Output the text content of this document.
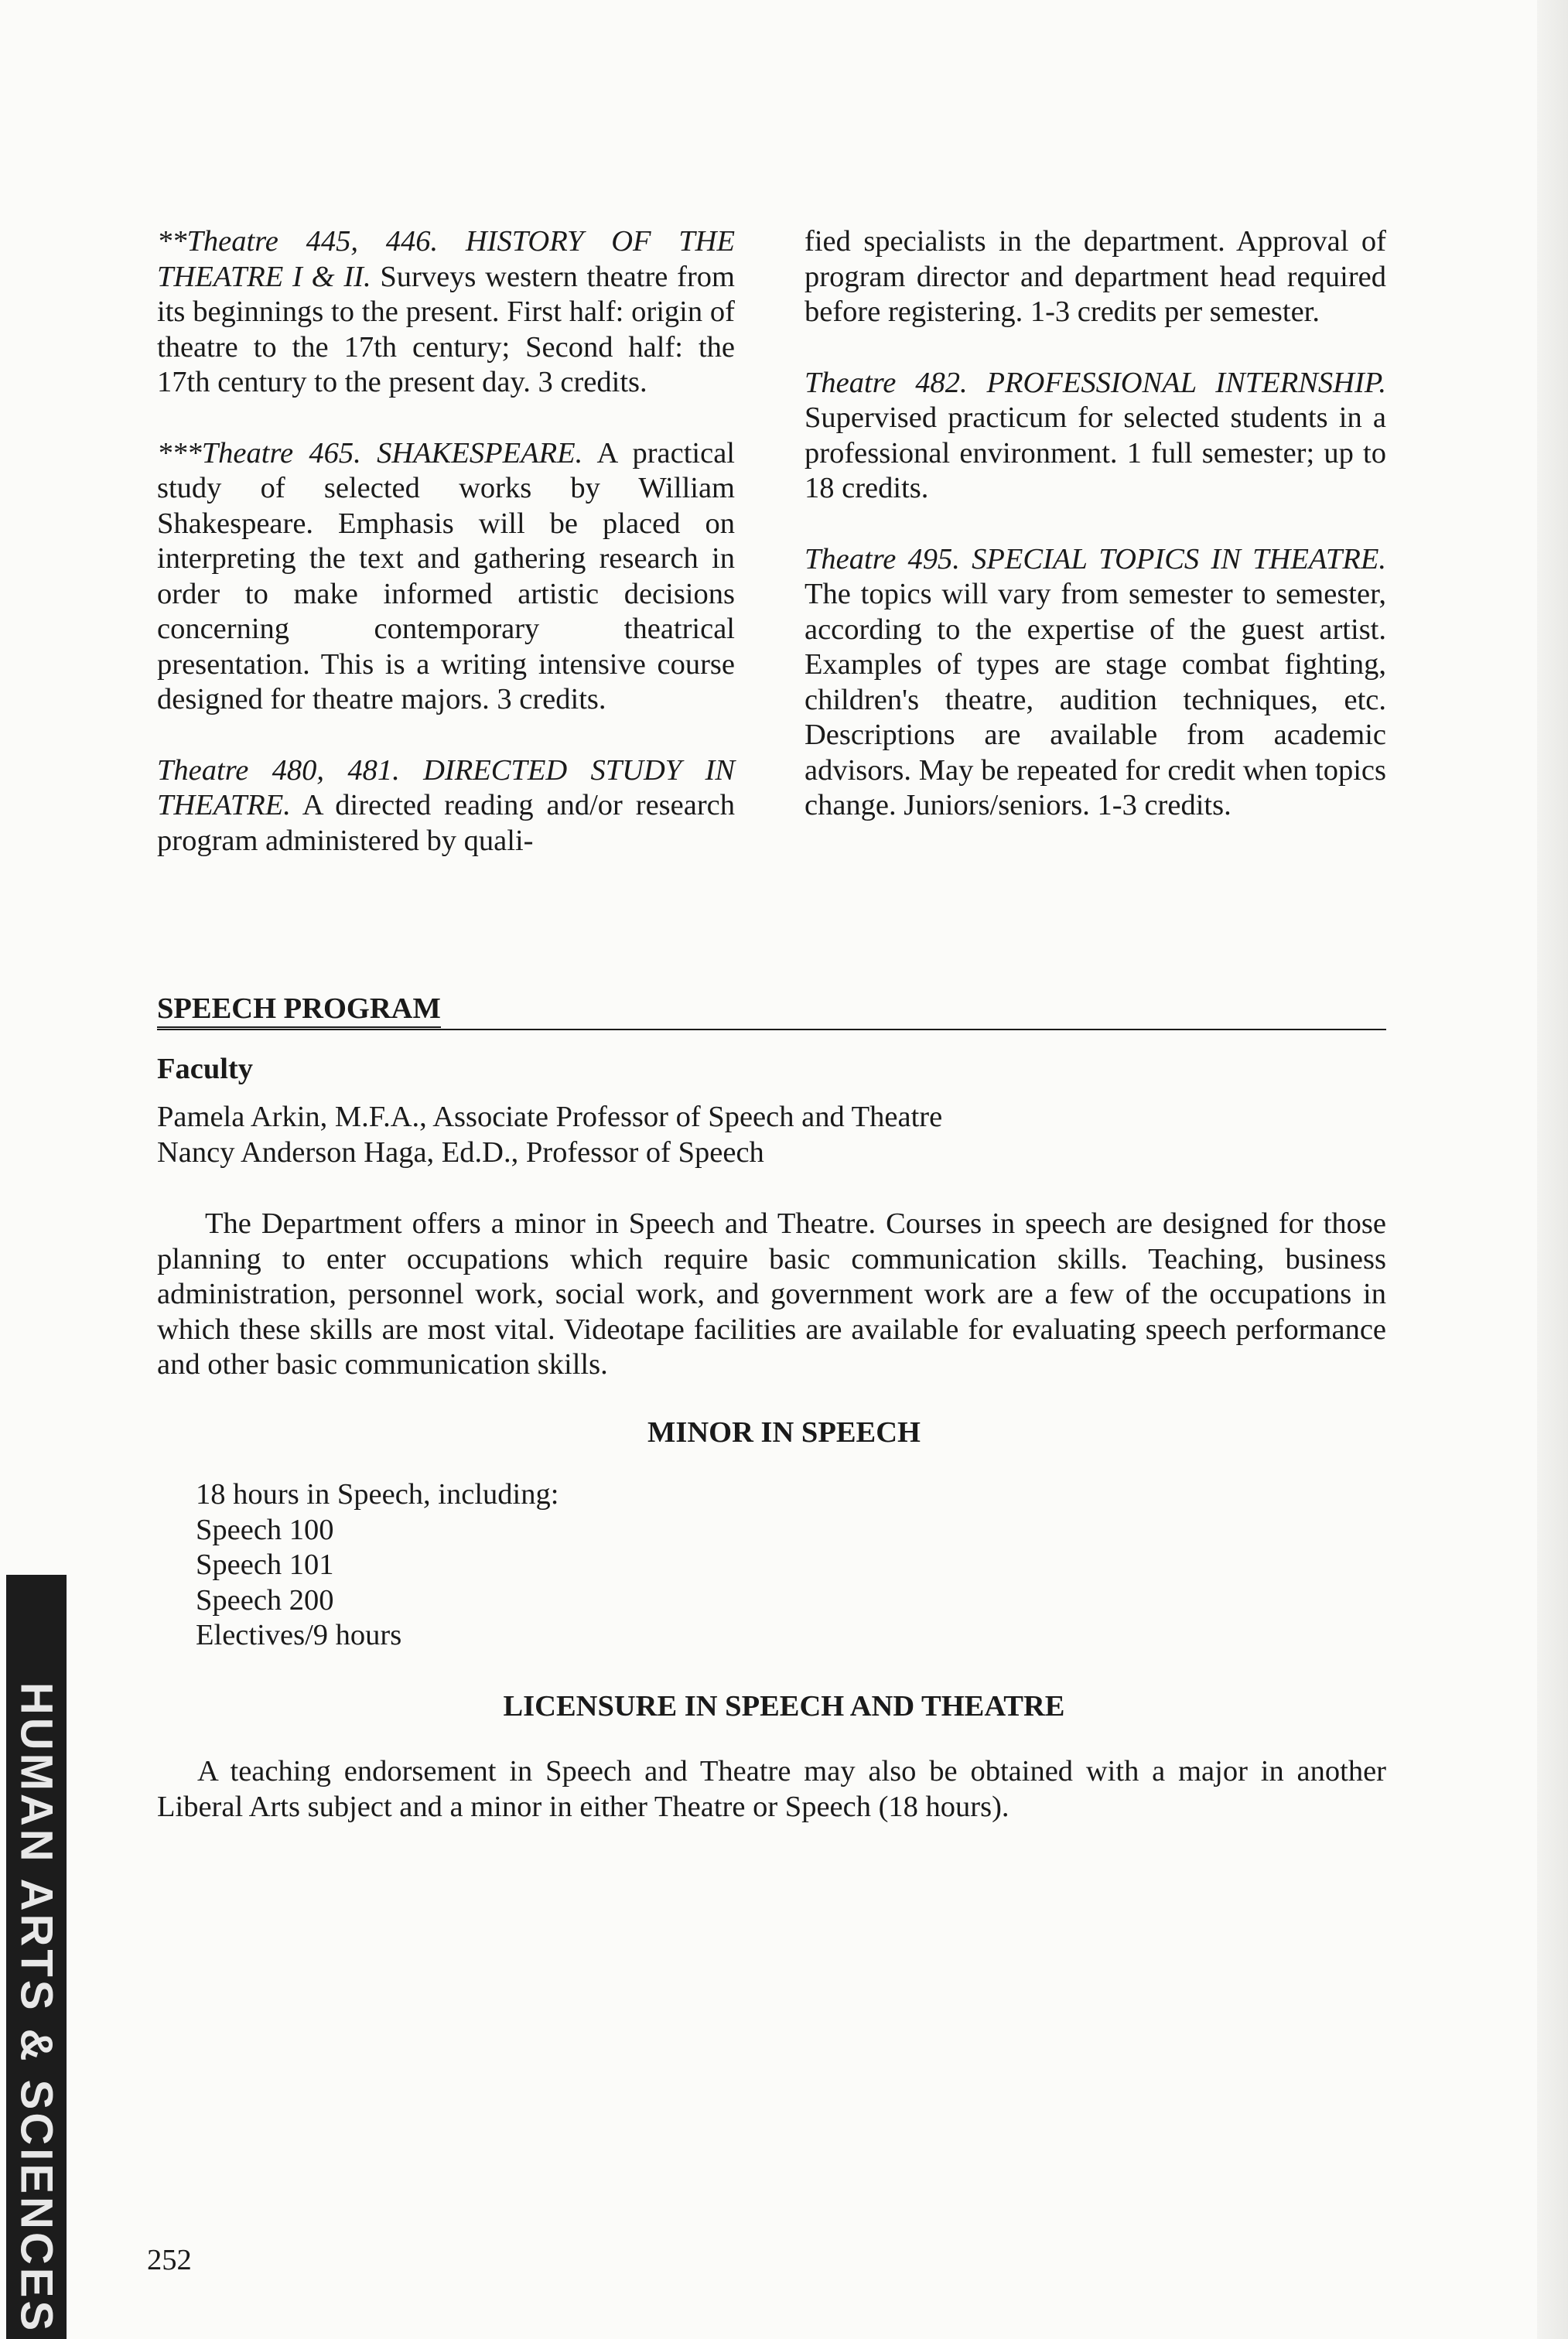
HUMAN ARTS & SCIENCES

**Theatre 445, 446. HISTORY OF THE THEATRE I & II. Surveys western theatre from its beginnings to the present. First half: origin of theatre to the 17th century; Second half: the 17th century to the present day. 3 credits.

***Theatre 465. SHAKESPEARE. A practical study of selected works by William Shakespeare. Emphasis will be placed on interpreting the text and gathering research in order to make informed artistic decisions concerning contemporary theatrical presentation. This is a writing intensive course designed for theatre majors. 3 credits.

Theatre 480, 481. DIRECTED STUDY IN THEATRE. A directed reading and/or research program administered by quali-

fied specialists in the department. Approval of program director and department head required before registering. 1-3 credits per semester.

Theatre 482. PROFESSIONAL INTERNSHIP. Supervised practicum for selected students in a professional environment. 1 full semester; up to 18 credits.

Theatre 495. SPECIAL TOPICS IN THEATRE. The topics will vary from semester to semester, according to the expertise of the guest artist. Examples of types are stage combat fighting, children's theatre, audition techniques, etc. Descriptions are available from academic advisors. May be repeated for credit when topics change. Juniors/seniors. 1-3 credits.

SPEECH PROGRAM
Faculty
Pamela Arkin, M.F.A., Associate Professor of Speech and Theatre
Nancy Anderson Haga, Ed.D., Professor of Speech

The Department offers a minor in Speech and Theatre. Courses in speech are designed for those planning to enter occupations which require basic communication skills. Teaching, business administration, personnel work, social work, and government work are a few of the occupations in which these skills are most vital. Videotape facilities are available for evaluating speech performance and other basic communication skills.

MINOR IN SPEECH
18 hours in Speech, including:
Speech 100
Speech 101
Speech 200
Electives/9 hours
LICENSURE IN SPEECH AND THEATRE

A teaching endorsement in Speech and Theatre may also be obtained with a major in another Liberal Arts subject and a minor in either Theatre or Speech (18 hours).

252
